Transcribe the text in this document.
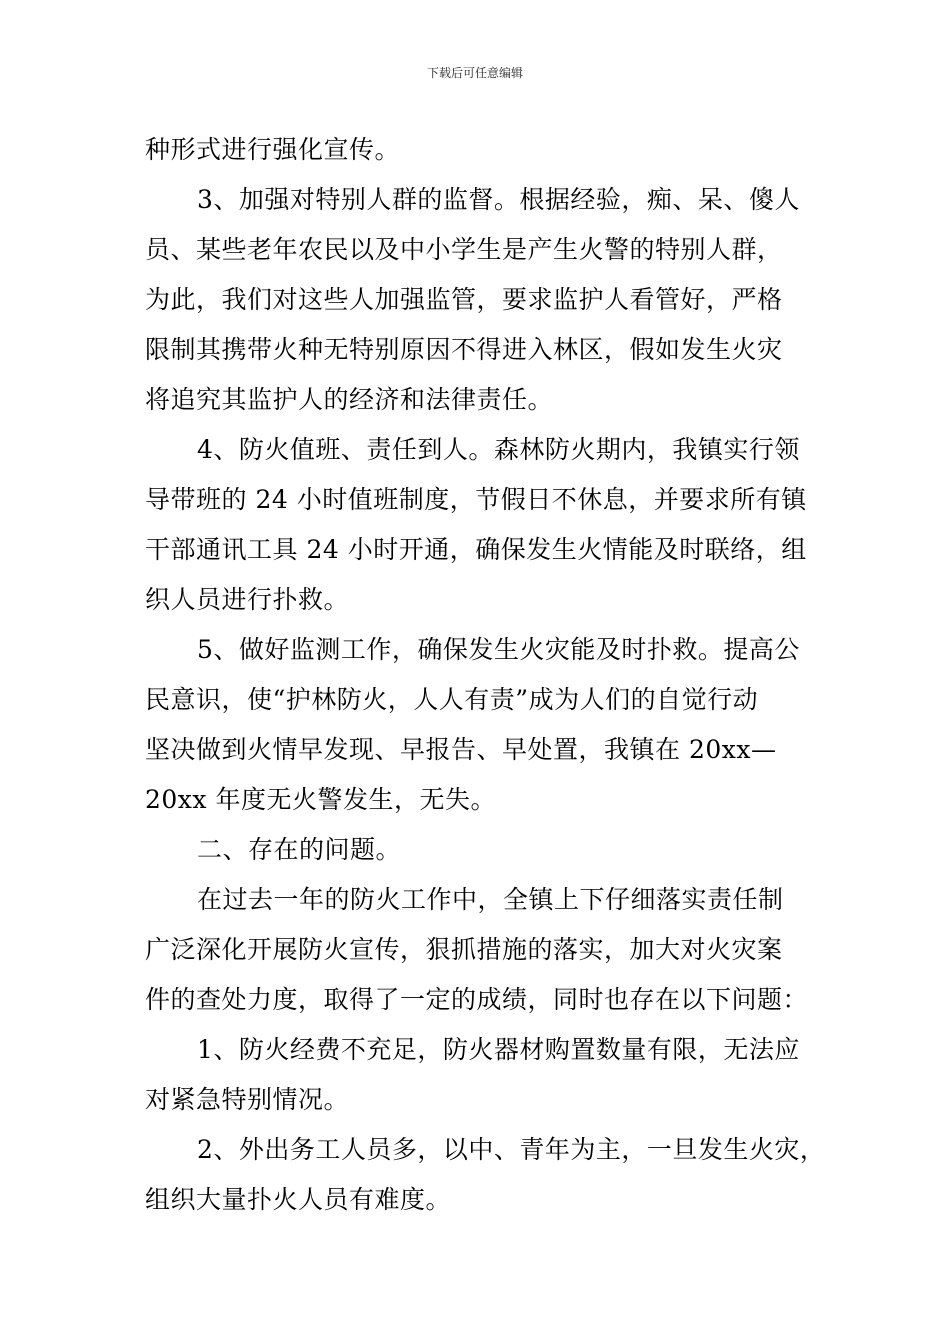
下载后可任意编辑
种形式进行强化宣传。
3、加强对特别人群的监督。根据经验，痴、呆、傻人
员、某些老年农民以及中小学生是产生火警的特别人群，
为此，我们对这些人加强监管，要求监护人看管好，严格
限制其携带火种无特别原因不得进入林区，假如发生火灾
将追究其监护人的经济和法律责任。
4、防火值班、责任到人。森林防火期内，我镇实行领
导带班的 24 小时值班制度，节假日不休息，并要求所有镇
干部通讯工具 24 小时开通，确保发生火情能及时联络，组
织人员进行扑救。
5、做好监测工作，确保发生火灾能及时扑救。提高公
民意识，使“护林防火，人人有责”成为人们的自觉行动
坚决做到火情早发现、早报告、早处置，我镇在 20xx—
20xx 年度无火警发生，无失。
二、存在的问题。
在过去一年的防火工作中，全镇上下仔细落实责任制
广泛深化开展防火宣传，狠抓措施的落实，加大对火灾案
件的查处力度，取得了一定的成绩，同时也存在以下问题：
1、防火经费不充足，防火器材购置数量有限，无法应
对紧急特别情况。
2、外出务工人员多，以中、青年为主，一旦发生火灾，
组织大量扑火人员有难度。
